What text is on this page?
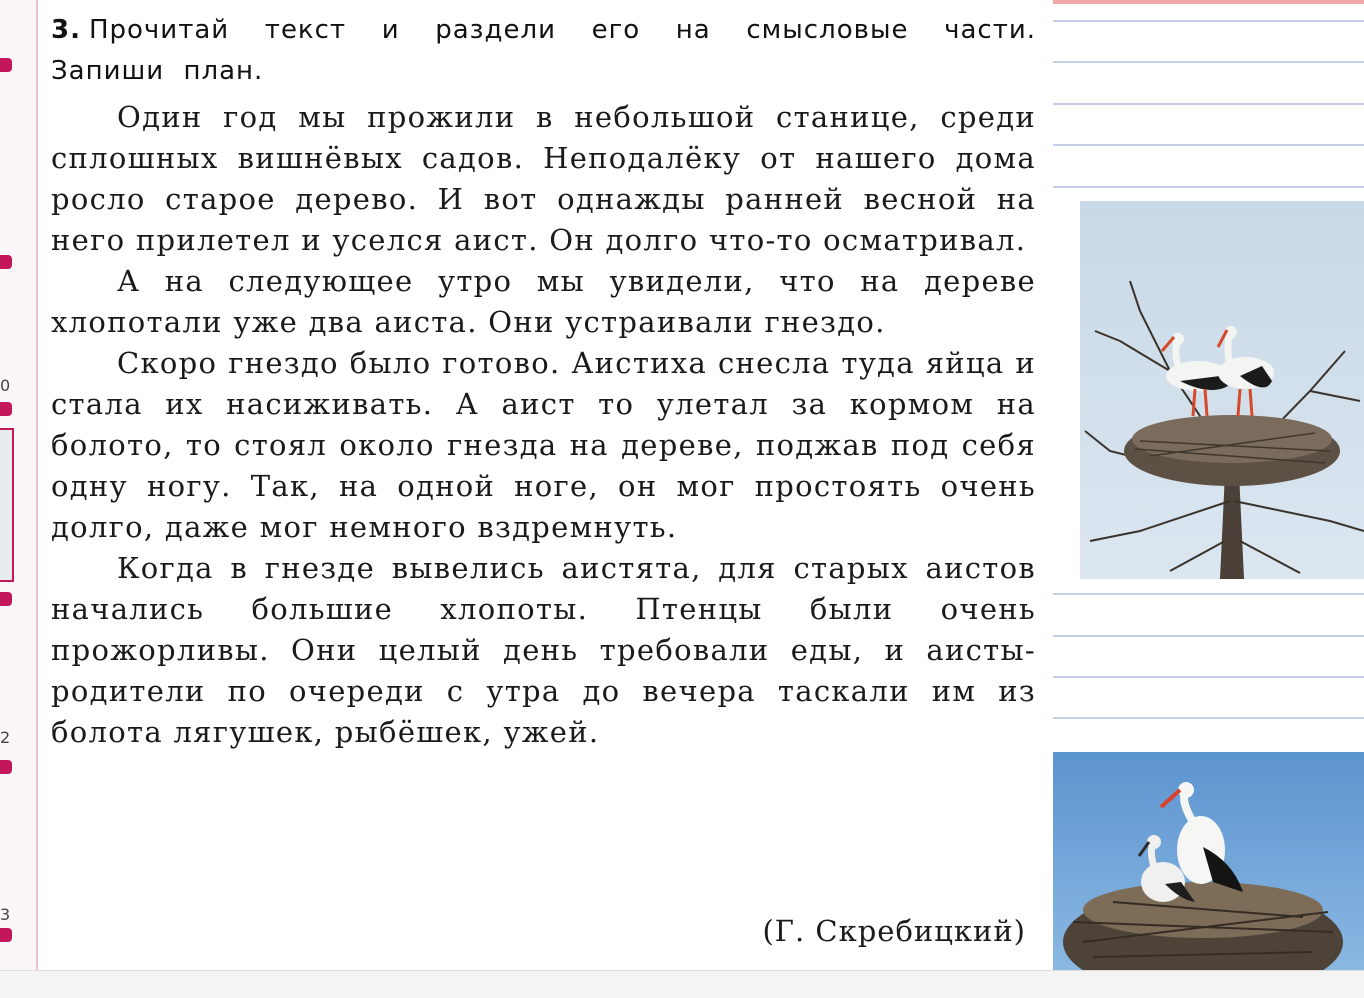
0
2
3
3. Прочитай текст и раздели его на смысловые части. Запиши план.

Один год мы прожили в небольшой станице, среди сплошных вишнёвых садов. Неподалёку от нашего дома росло старое дерево. И вот однажды ранней весной на него прилетел и уселся аист. Он долго что-то осматривал.

А на следующее утро мы увидели, что на дереве хлопотали уже два аиста. Они устраивали гнездо.

Скоро гнездо было готово. Аистиха снесла туда яйца и стала их насиживать. А аист то улетал за кормом на болото, то стоял около гнезда на дереве, поджав под себя одну ногу. Так, на одной ноге, он мог простоять очень долго, даже мог немного вздремнуть.

Когда в гнезде вывелись аистята, для старых аистов начались большие хлопоты. Птенцы были очень прожорливы. Они целый день требовали еды, и аисты-родители по очереди с утра до вечера таскали им из болота лягушек, рыбёшек, ужей.

(Г. Скребицкий)
